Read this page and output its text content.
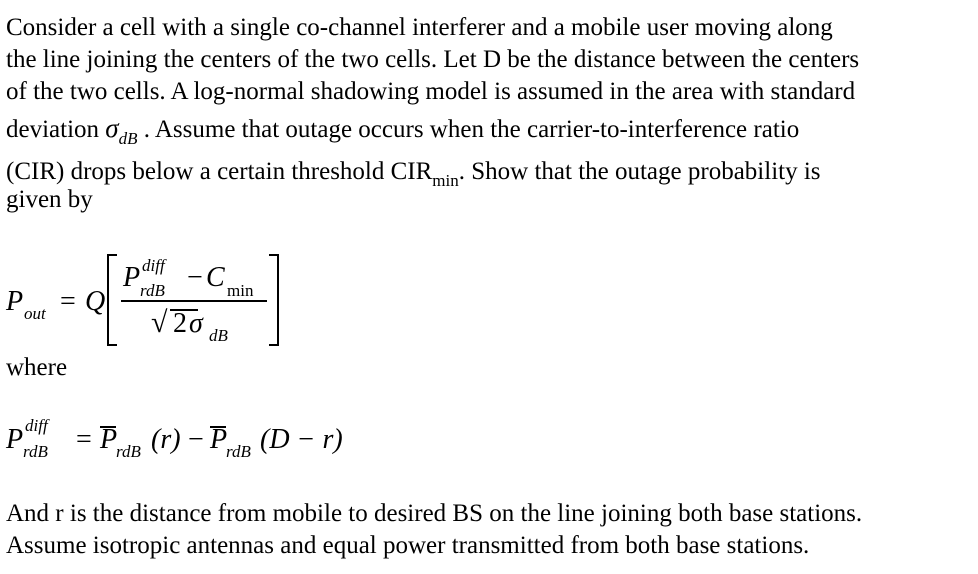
Consider a cell with a single co-channel interferer and a mobile user moving along
the line joining the centers of the two cells. Let D be the distance between the centers
of the two cells. A log-normal shadowing model is assumed in the area with standard
deviation $\sigma_{dB}$ . Assume that outage occurs when the carrier-to-interference ratio
(CIR) drops below a certain threshold $CIR_{min}$. Show that the outage probability is
given by
P out = Q
P diff
rdB − C min
√ 2 σ dB
where
P diff
rdB = P
rdB (r) − P
rdB (D − r)
And r is the distance from mobile to desired BS on the line joining both base stations.
Assume isotropic antennas and equal power transmitted from both base stations.
